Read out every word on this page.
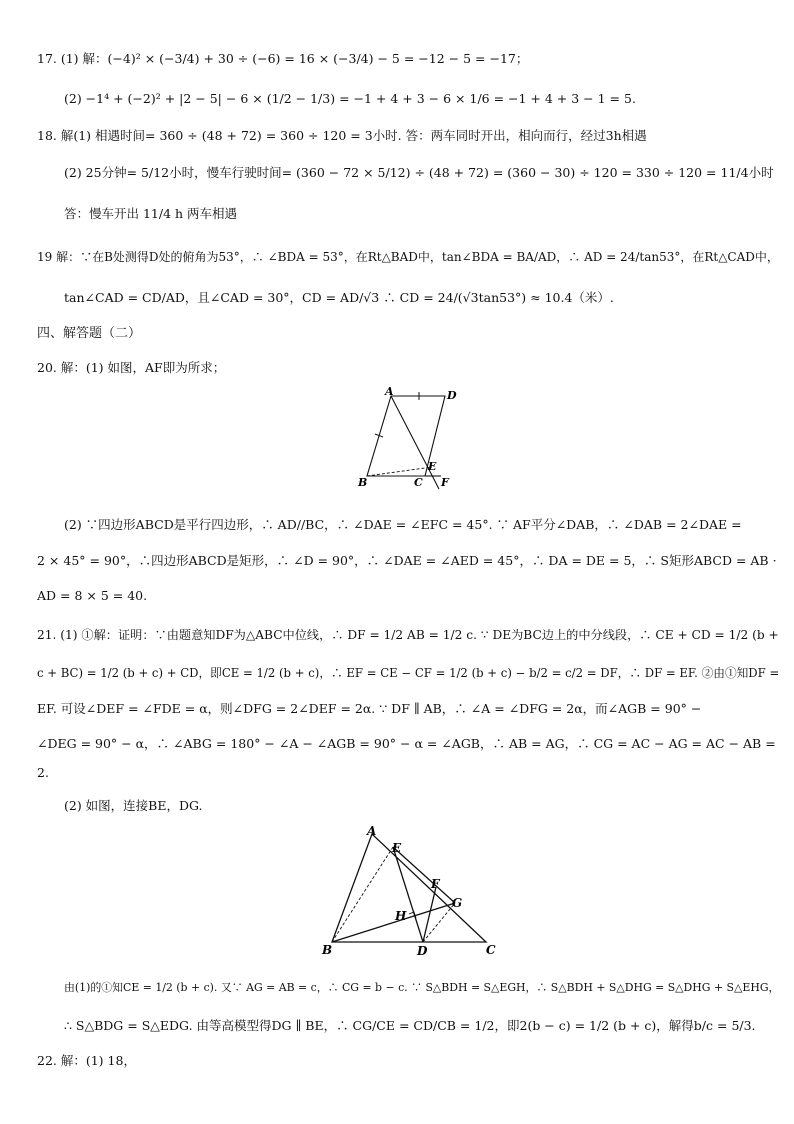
17. (1) 解：(−4)² × (−3/4) + 30 ÷ (−6) = 16 × (−3/4) − 5 = −12 − 5 = −17；
(2) −1⁴ + (−2)² + |2 − 5| − 6 × (1/2 − 1/3) = −1 + 4 + 3 − 6 × 1/6 = −1 + 4 + 3 − 1 = 5.
18. 解(1) 相遇时间= 360 ÷ (48 + 72) = 360 ÷ 120 = 3小时. 答：两车同时开出，相向而行，经过3h相遇
(2) 25分钟= 5/12小时，慢车行驶时间= (360 − 72 × 5/12) ÷ (48 + 72) = (360 − 30) ÷ 120 = 330 ÷ 120 = 11/4小时
答：慢车开出 11/4 h 两车相遇
19 解：∵在B处测得D处的俯角为53°，∴ ∠BDA = 53°，在Rt△BAD中，tan∠BDA = BA/AD，∴ AD = 24/tan53°，在Rt△CAD中，
tan∠CAD = CD/AD，且∠CAD = 30°，CD = AD/√3 ∴ CD = 24/(√3tan53°) ≈ 10.4（米）.
四、解答题（二）
20. 解：(1) 如图，AF即为所求；
A	D
B	C
E
F
(2) ∵四边形ABCD是平行四边形，∴ AD//BC，∴ ∠DAE = ∠EFC = 45°. ∵ AF平分∠DAB，∴ ∠DAB = 2∠DAE =
2 × 45° = 90°，∴四边形ABCD是矩形，∴ ∠D = 90°，∴ ∠DAE = ∠AED = 45°，∴ DA = DE = 5，∴ S矩形ABCD = AB ·
AD = 8 × 5 = 40.
21. (1) ①解：证明：∵由题意知DF为△ABC中位线，∴ DF = 1/2 AB = 1/2 c. ∵ DE为BC边上的中分线段，∴ CE + CD = 1/2 (b +
c + BC) = 1/2 (b + c) + CD，即CE = 1/2 (b + c)，∴ EF = CE − CF = 1/2 (b + c) − b/2 = c/2 = DF，∴ DF = EF. ②由①知DF =
EF. 可设∠DEF = ∠FDE = α，则∠DFG = 2∠DEF = 2α. ∵ DF ∥ AB，∴ ∠A = ∠DFG = 2α，而∠AGB = 90° −
∠DEG = 90° − α，∴ ∠ABG = 180° − ∠A − ∠AGB = 90° − α = ∠AGB，∴ AB = AG，∴ CG = AC − AG = AC − AB =
2.
(2) 如图，连接BE，DG.
A
E
F
G
H
B	D	C
由(1)的①知CE = 1/2 (b + c). 又∵ AG = AB = c，∴ CG = b − c. ∵ S△BDH = S△EGH，∴ S△BDH + S△DHG = S△DHG + S△EHG，
∴ S△BDG = S△EDG. 由等高模型得DG ∥ BE，∴ CG/CE = CD/CB = 1/2，即2(b − c) = 1/2 (b + c)，解得b/c = 5/3.
22. 解：(1) 18，
